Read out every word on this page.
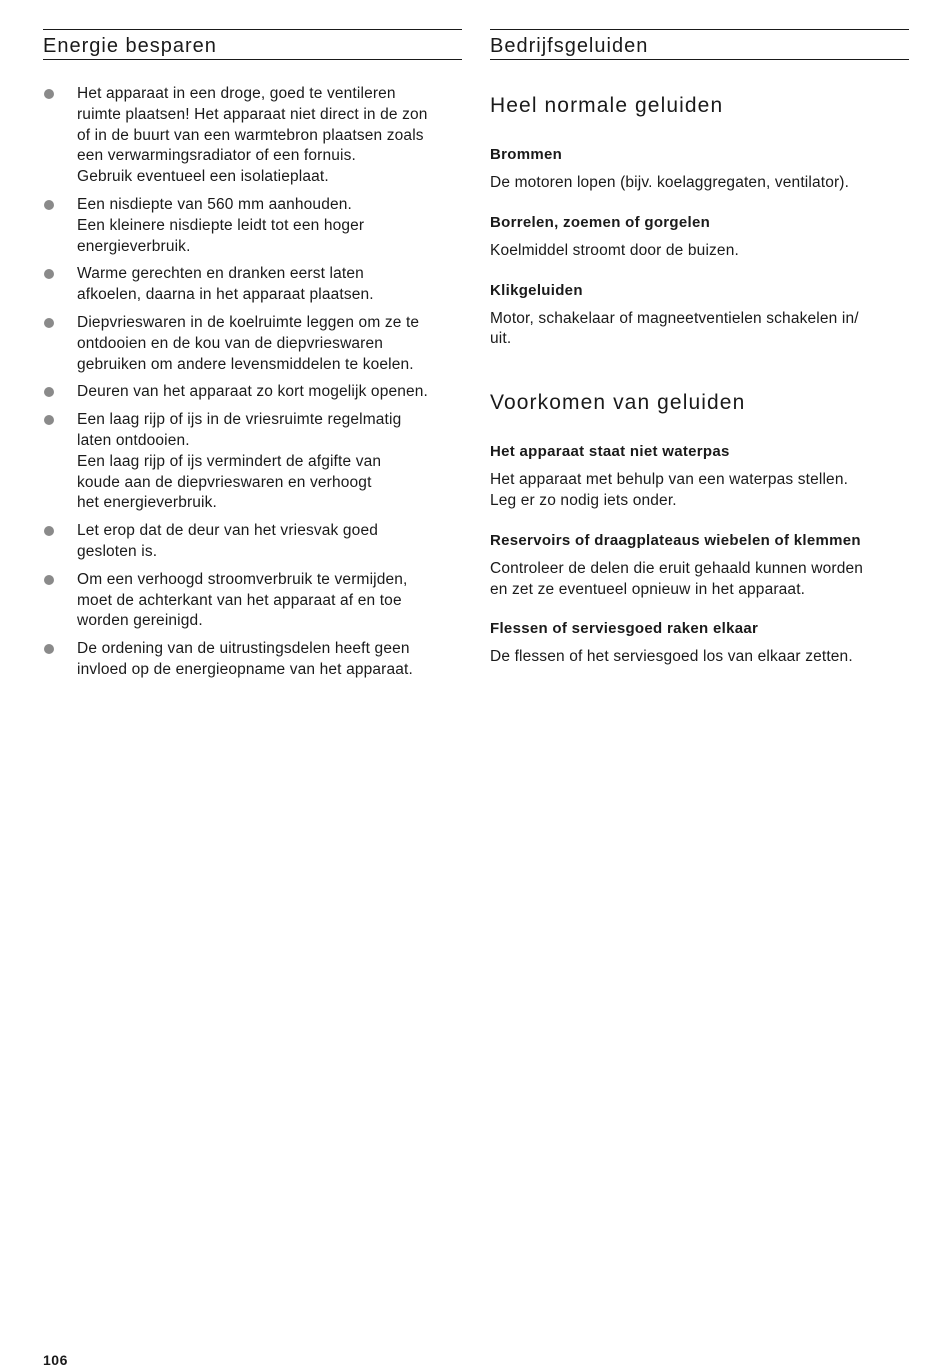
Energie besparen
Het apparaat in een droge, goed te ventileren
ruimte plaatsen! Het apparaat niet direct in de zon
of in de buurt van een warmtebron plaatsen zoals
een verwarmingsradiator of een fornuis.
Gebruik eventueel een isolatieplaat.
Een nisdiepte van 560 mm aanhouden.
Een kleinere nisdiepte leidt tot een hoger
energieverbruik.
Warme gerechten en dranken eerst laten
afkoelen, daarna in het apparaat plaatsen.
Diepvrieswaren in de koelruimte leggen om ze te
ontdooien en de kou van de diepvrieswaren
gebruiken om andere levensmiddelen te koelen.
Deuren van het apparaat zo kort mogelijk openen.
Een laag rijp of ijs in de vriesruimte regelmatig
laten ontdooien.
Een laag rijp of ijs vermindert de afgifte van
koude aan de diepvrieswaren en verhoogt
het energieverbruik.
Let erop dat de deur van het vriesvak goed
gesloten is.
Om een verhoogd stroomverbruik te vermijden,
moet de achterkant van het apparaat af en toe
worden gereinigd.
De ordening van de uitrustingsdelen heeft geen
invloed op de energieopname van het apparaat.
Bedrijfsgeluiden
Heel normale geluiden

Brommen

De motoren lopen (bijv. koelaggregaten, ventilator).

Borrelen, zoemen of gorgelen

Koelmiddel stroomt door de buizen.

Klikgeluiden

Motor, schakelaar of magneetventielen schakelen in/
uit.

Voorkomen van geluiden

Het apparaat staat niet waterpas

Het apparaat met behulp van een waterpas stellen.
Leg er zo nodig iets onder.

Reservoirs of draagplateaus wiebelen of klemmen

Controleer de delen die eruit gehaald kunnen worden
en zet ze eventueel opnieuw in het apparaat.

Flessen of serviesgoed raken elkaar

De flessen of het serviesgoed los van elkaar zetten.

106
